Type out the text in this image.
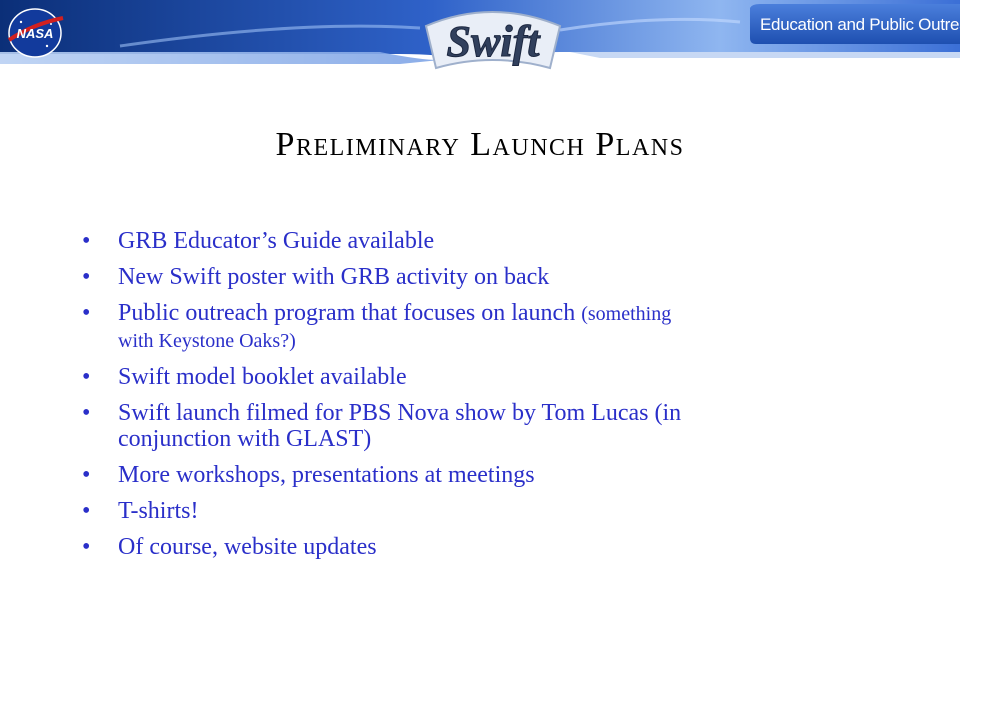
NASA	Swift	Education and Public Outreach
Preliminary Launch Plans
• GRB Educator’s Guide available
• New Swift poster with GRB activity on back
• Public outreach program that focuses on launch (something
with Keystone Oaks?)
• Swift model booklet available
• Swift launch filmed for PBS Nova show by Tom Lucas (in
conjunction with GLAST)
• More workshops, presentations at meetings
• T-shirts!
• Of course, website updates
